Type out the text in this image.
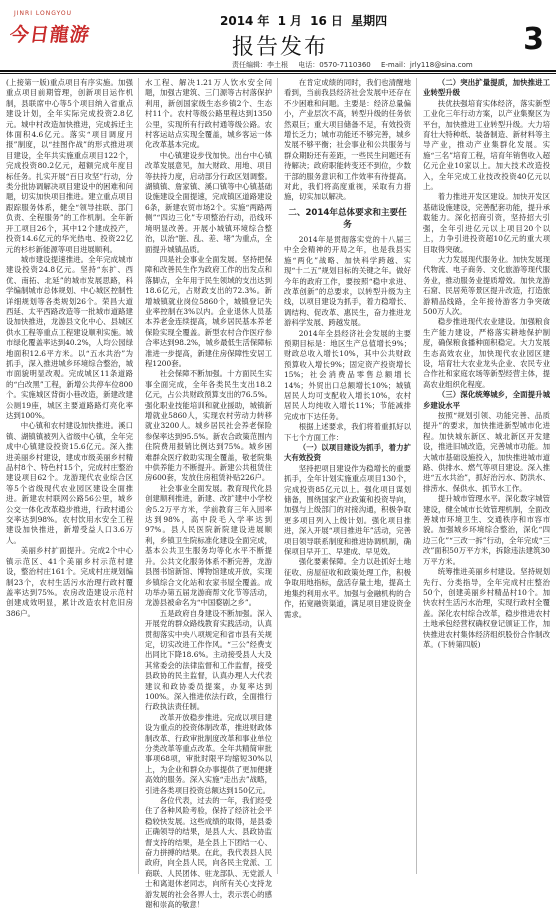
JINRI LONGYOU
今日龍游
2014 年 1 月 16 日 星期四
报告发布	3
责任编辑：李土根 电话：0570-7110360 E-mail：jrly118@sina.com

(上接第一版)重点项目有序实施。加强重点项目前期管理，创新项目运作机制，县联席中心等5个项目纳入省重点建设计划，全年实际完成投资2.8亿元。城中村改造加快推进，完成拆迁主体面积4.6亿元。落实“项目调度月报”制度，以“挂图作战”的形式推进项目建设，全年共实施重点项目122个，完成投资80.2亿元，超额完成年度目标任务。扎实开展“百日攻坚”行动，分类分批协调解决项目建设中的困难和问题，切实加快项目推进。建立重点项目跟踪服务体系，健全“领导挂联、部门负责、全程服务”的工作机制。全年新开工项目26个，其中12个建成投产，投资14.6亿元的华光热电、投资22亿元的杉杉新能源等项目进展顺利。

城市建设提速推进。全年完成城市建设投资24.8亿元。坚持“东扩、西优、南拓、北延”的城市发展思路，科学编制城市总体规划、中心城区控制性详细规划等各类规划26个。荣昌大道西延、太平西路改造等一批城市道路建设加快推进，龙游县文化中心、县城区供水工程等重点工程建设顺利实施。城市绿化覆盖率达到40.2%，人均公园绿地面积12.6平方米。以“五水共治”为抓手，深入推进城乡环境综合整治，城市面貌明显改观。完成城区11条道路的“白改黑”工程，新增公共停车位800个。实施城区背街小巷改造，新建改建公厕19座，城区主要道路路灯亮化率达到100%。

中心镇和农村建设加快推进。溪口镇、湖镇镇被列入省级中心镇，全年完成中心镇建设投资15.6亿元。深入推进美丽乡村建设，建成市级美丽乡村精品村8个、特色村15个，完成村庄整治建设项目62个。龙游现代农业综合区等5个省级现代农业园区建设全面推进。新建农村联网公路56公里，城乡公交一体化改革稳步推进，行政村通公交率达到98%。农村饮用水安全工程建设加快推进，新增受益人口3.6万人。

美丽乡村扩面提升。完成2个中心镇示范区、41个美丽乡村示范村建设，整治村庄161个。完成村庄规划编制23个，农村生活污水治理行政村覆盖率达到75%。农房改造建设示范村创建成效明显，累计改造农村危旧房386户。

水工程、解决1.21万人饮水安全问题，加强古建筑、三门源等古村落保护利用，新创国家级生态乡镇2个、生态村11个。农村等级公路里程达到1350公里，实现所有行政村通等级公路。农村客运站点实现全覆盖，城乡客运一体化改革基本完成。

中心镇建设步伐加快。出台中心镇改革发展意见，加大财政、用地、项目等扶持力度，启动部分行政区划调整。湖镇镇、詹家镇、溪口镇等中心镇基础设施建设全面提速，完成镇区道路建设6条，新建农贸市场2个。实施“两路两侧”“四边三化”专项整治行动，沿线环境明显改善。开展小城镇环境综合整治，以治“脏、乱、差、堵”为重点，全面提升城镇品质。

四是社会事业全面发展。坚持把保障和改善民生作为政府工作的出发点和落脚点，全年用于民生领域的支出达到18.6亿元，占财政支出的72.3%。新增城镇就业岗位5860个，城镇登记失业率控制在3%以内。企业退休人员基本养老金连续提高，城乡居民基本养老保险实现全覆盖。新型农村合作医疗参合率达到98.2%，城乡最低生活保障标准进一步提高，新建住房保障性安居工程1200套。

社会保障不断加强。十方面民生实事全面完成，全年各类民生支出18.2亿元，占公共财政预算支出的76.5%。强化职业技能培训和就业援助，城镇新增就业5860人，实现农村劳动力转移就业3200人。城乡居民社会养老保险参保率达到95.5%。新农合政策范围内住院费用报销比例达到75%。城乡困难群众医疗救助实现全覆盖，敬老院集中供养能力不断提升。新建公共租赁住房600套，发放住房租赁补贴226户。

社会事业全面发展。教育现代化县创建顺利推进，新建、改扩建中小学校舍5.2万平方米，学前教育三年入园率达到98%，高中段毛入学率达到97%。县人民医院新院建设进展顺利，乡镇卫生院标准化建设全面完成，基本公共卫生服务均等化水平不断提升。公共文化服务体系不断完善，龙游县图书馆新馆、博物馆建成开放，实现乡镇综合文化站和农家书屋全覆盖。成功举办第五届龙游商帮文化节等活动，龙游县被命名为“中国婺剧之乡”。

五是政府自身建设不断加强。深入开展党的群众路线教育实践活动，认真贯彻落实中央八项规定和省市县有关规定，切实改进工作作风。“三公”经费支出同比下降18.6%。主动接受县人大及其常委会的法律监督和工作监督，接受县政协的民主监督，认真办理人大代表建议和政协委员提案，办复率达到100%。深入推进依法行政，全面推行行政执法责任制。

改革开放稳步推进。完成以项目建设为重点的投资体制改革，推进财政体制改革、行政审批制度改革和事业单位分类改革等重点改革。全年共精简审批事项68项，审批时限平均缩短30%以上，为企业和群众办事提供了更加便捷高效的服务。深入实施“走出去”战略，引进各类项目投资总额达到150亿元。

各位代表，过去的一年，我们经受住了各种风险考验，保持了经济社会平稳较快发展。这些成绩的取得，是县委正确领导的结果，是县人大、县政协监督支持的结果，是全县上下团结一心、奋力拼搏的结果。在此，我代表县人民政府，向全县人民，向各民主党派、工商联、人民团体、驻龙部队、无党派人士和离退休老同志，向所有关心支持龙游发展的社会各界人士，表示衷心的感谢和崇高的敬意！

在肯定成绩的同时，我们也清醒地看到，当前我县经济社会发展中还存在不少困难和问题。主要是：经济总量偏小，产业层次不高，转型升级的任务依然艰巨；重大项目储备不足，有效投资增长乏力；城市功能还不够完善，城乡发展不够平衡；社会事业和公共服务与群众期盼还有差距，一些民生问题还有待解决；政府职能转变还不到位，少数干部的服务意识和工作效率有待提高。对此，我们将高度重视，采取有力措施，切实加以解决。

二、2014年总体要求和主要任务

2014年是贯彻落实党的十八届三中全会精神的开局之年，也是我县实施“两化”战略、加快科学跨越、实现“十二五”规划目标的关键之年。做好今年的政府工作，要按照“稳中求进、改革创新”的总要求，以转型升级为主线，以项目建设为抓手，着力稳增长、调结构、促改革、惠民生，奋力推进龙游科学发展、跨越发展。

2014年全县经济社会发展的主要预期目标是：地区生产总值增长9%；财政总收入增长10%，其中公共财政预算收入增长9%；固定资产投资增长15%；社会消费品零售总额增长14%；外贸出口总额增长10%；城镇居民人均可支配收入增长10%，农村居民人均纯收入增长11%；节能减排完成市下达任务。

根据上述要求，我们将着重抓好以下七个方面工作：

（一）以项目建设为抓手，着力扩大有效投资

坚持把项目建设作为稳增长的重要抓手，全年计划实施重点项目130个，完成投资85亿元以上。强化项目谋划储备，围绕国家产业政策和投资导向，加强与上级部门的对接沟通，积极争取更多项目列入上级计划。强化项目推进，深入开展“项目推进年”活动，完善项目领导联系制度和推进协调机制，确保项目早开工、早建成、早见效。

强化要素保障。全力以赴抓好土地征收、房屋征收和政策处理工作，积极争取用地指标，盘活存量土地，提高土地集约利用水平。加强与金融机构的合作，拓宽融资渠道，满足项目建设资金需求。

（二）突出扩量提质，加快推进工业转型升级

扶优扶强培育实体经济，落实新型工业化三年行动方案，以产业集聚区为平台，加快推进工业转型升级。大力培育壮大特种纸、装备制造、新材料等主导产业，推动产业集群化发展。实施“三名”培育工程，培育年销售收入超亿元企业10家以上。加大技术改造投入，全年完成工业技改投资40亿元以上。

着力推进开发区建设。加快开发区基础设施建设，完善配套功能，提升承载能力。深化招商引资，坚持招大引强，全年引进亿元以上项目20个以上，力争引进投资超10亿元的重大项目取得突破。

大力发展现代服务业。加快发展现代物流、电子商务、文化旅游等现代服务业，推动服务业提质增效。加快龙游石窟、民居苑等景区提升改造，打造旅游精品线路，全年接待游客力争突破500万人次。

稳步推进现代农业建设。加强粮食生产能力建设，严格落实耕地保护制度，确保粮食播种面积稳定。大力发展生态高效农业，加快现代农业园区建设，培育壮大农业龙头企业、农民专业合作社和家庭农场等新型经营主体，提高农业组织化程度。

（三）深化统筹城乡，全面提升城乡建设水平

按照“规划引领、功能完善、品质提升”的要求，加快推进新型城市化进程。加快城东新区、城北新区开发建设，推进旧城改造，完善城市功能。加大城市基础设施投入，加快推进城市道路、供排水、燃气等项目建设。深入推进“五水共治”，抓好治污水、防洪水、排涝水、保供水、抓节水工作。

提升城市管理水平。深化数字城管建设，健全城市长效管理机制，全面改善城市环境卫生、交通秩序和市容市貌。加强城乡环境综合整治，深化“四边三化”“三改一拆”行动，全年完成“三改”面积50万平方米，拆除违法建筑30万平方米。

统筹推进美丽乡村建设。坚持规划先行、分类指导，全年完成村庄整治50个，创建美丽乡村精品村10个。加快农村生活污水治理，实现行政村全覆盖。深化农村综合改革，稳步推进农村土地承包经营权确权登记颁证工作，加快推进农村集体经济组织股份合作制改革。(下转第四版)
